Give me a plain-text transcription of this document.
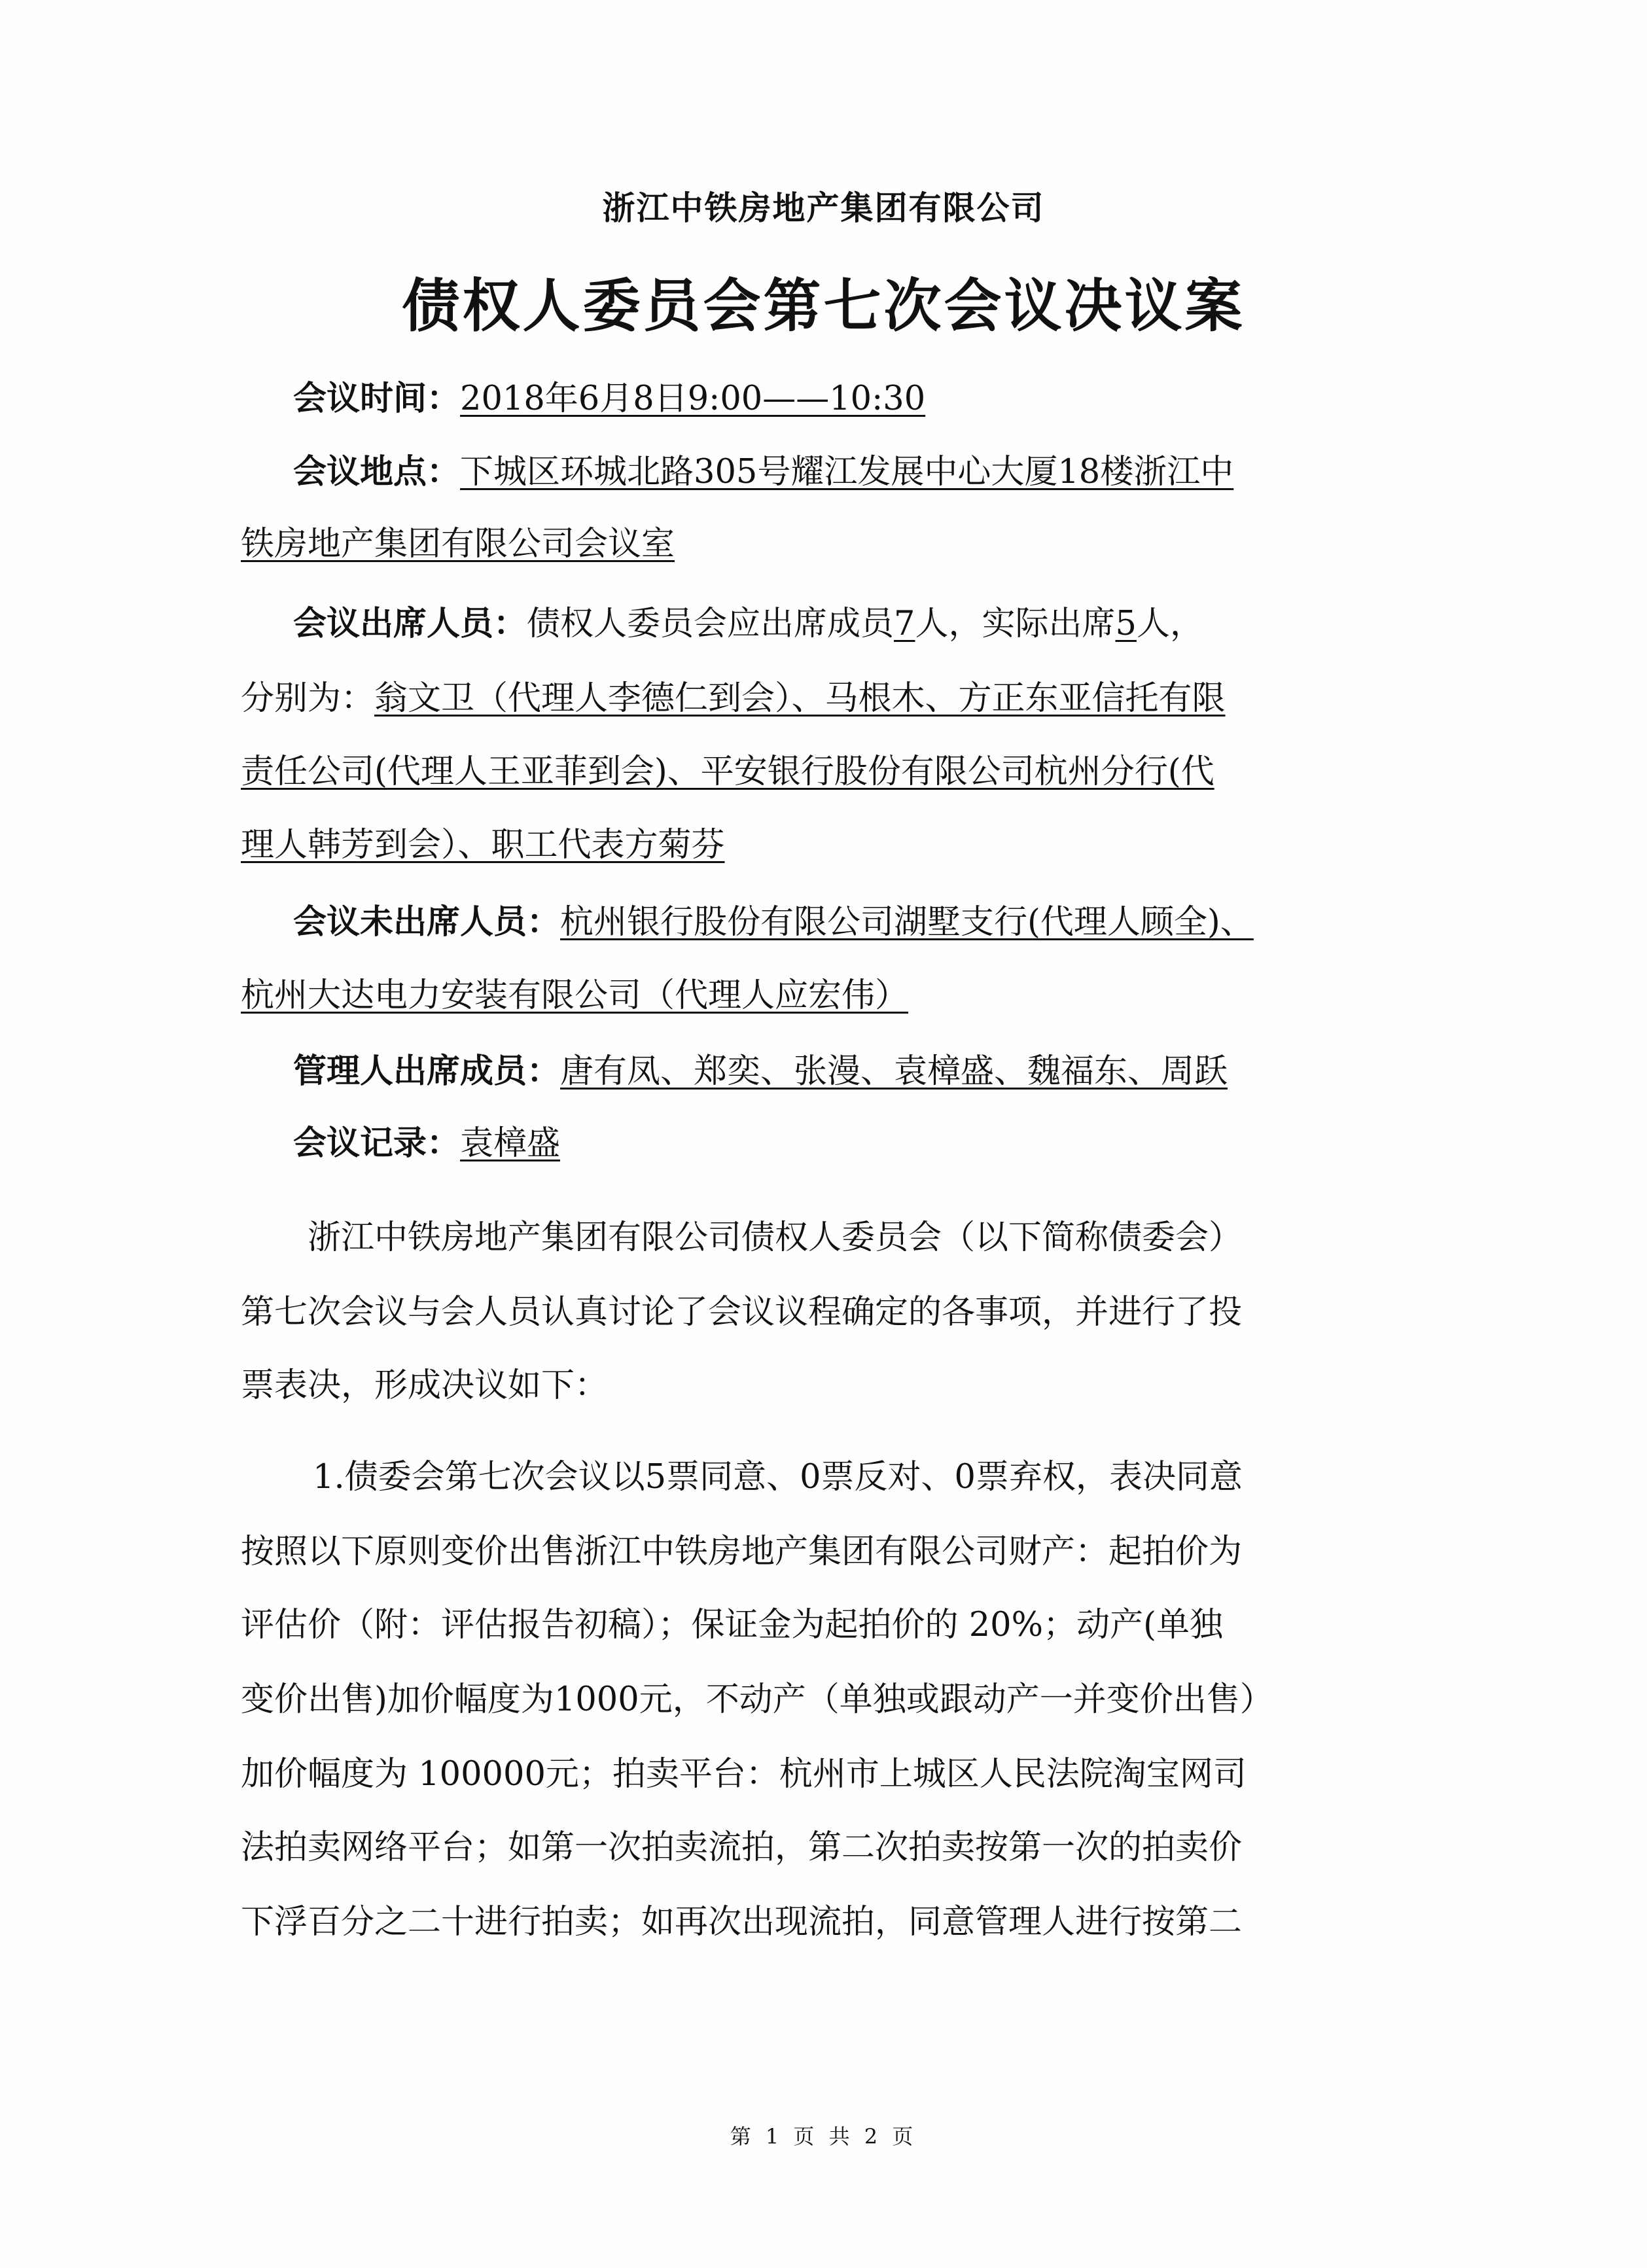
浙江中铁房地产集团有限公司
债权人委员会第七次会议决议案
会议时间：2018年6月8日9:00——10:30
会议地点：下城区环城北路305号耀江发展中心大厦18楼浙江中
铁房地产集团有限公司会议室
会议出席人员：债权人委员会应出席成员7人，实际出席5人，
分别为：翁文卫（代理人李德仁到会）、马根木、方正东亚信托有限
责任公司(代理人王亚菲到会)、平安银行股份有限公司杭州分行(代
理人韩芳到会）、职工代表方菊芬
会议未出席人员：杭州银行股份有限公司湖墅支行(代理人顾全)、
杭州大达电力安装有限公司（代理人应宏伟）
管理人出席成员：唐有凤、郑奕、张漫、袁樟盛、魏福东、周跃
会议记录：袁樟盛
浙江中铁房地产集团有限公司债权人委员会（以下简称债委会）
第七次会议与会人员认真讨论了会议议程确定的各事项，并进行了投
票表决，形成决议如下：
1.债委会第七次会议以5票同意、0票反对、0票弃权，表决同意
按照以下原则变价出售浙江中铁房地产集团有限公司财产：起拍价为
评估价（附：评估报告初稿）；保证金为起拍价的 20%；动产(单独
变价出售)加价幅度为1000元，不动产（单独或跟动产一并变价出售）
加价幅度为 100000元；拍卖平台：杭州市上城区人民法院淘宝网司
法拍卖网络平台；如第一次拍卖流拍，第二次拍卖按第一次的拍卖价
下浮百分之二十进行拍卖；如再次出现流拍，同意管理人进行按第二
第 1 页 共 2 页
